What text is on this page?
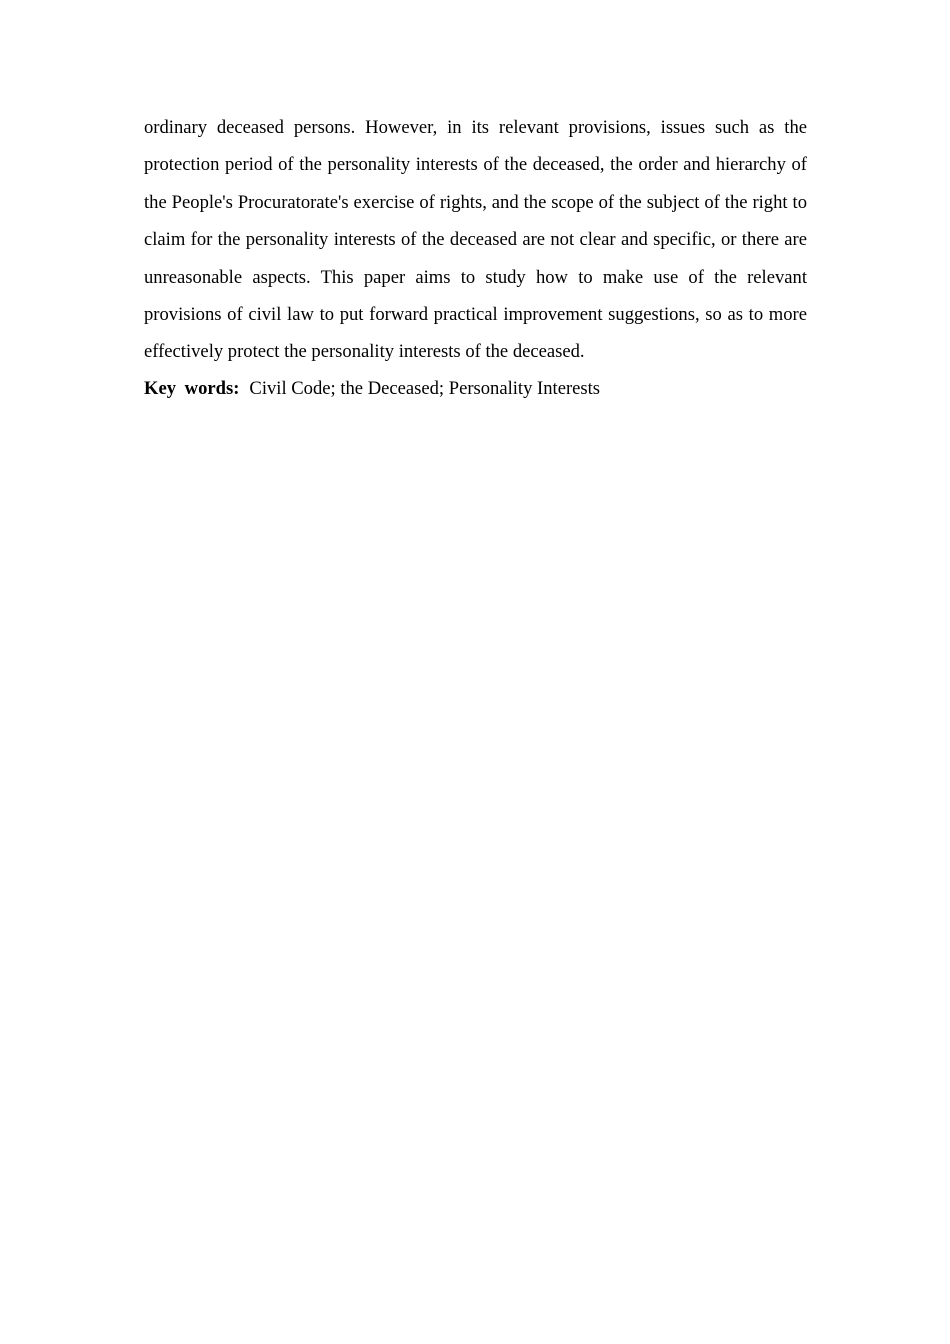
ordinary deceased persons. However, in its relevant provisions, issues such as the protection period of the personality interests of the deceased, the order and hierarchy of the People's Procuratorate's exercise of rights, and the scope of the subject of the right to claim for the personality interests of the deceased are not clear and specific, or there are unreasonable aspects. This paper aims to study how to make use of the relevant provisions of civil law to put forward practical improvement suggestions, so as to more effectively protect the personality interests of the deceased.

Key words: Civil Code; the Deceased; Personality Interests
